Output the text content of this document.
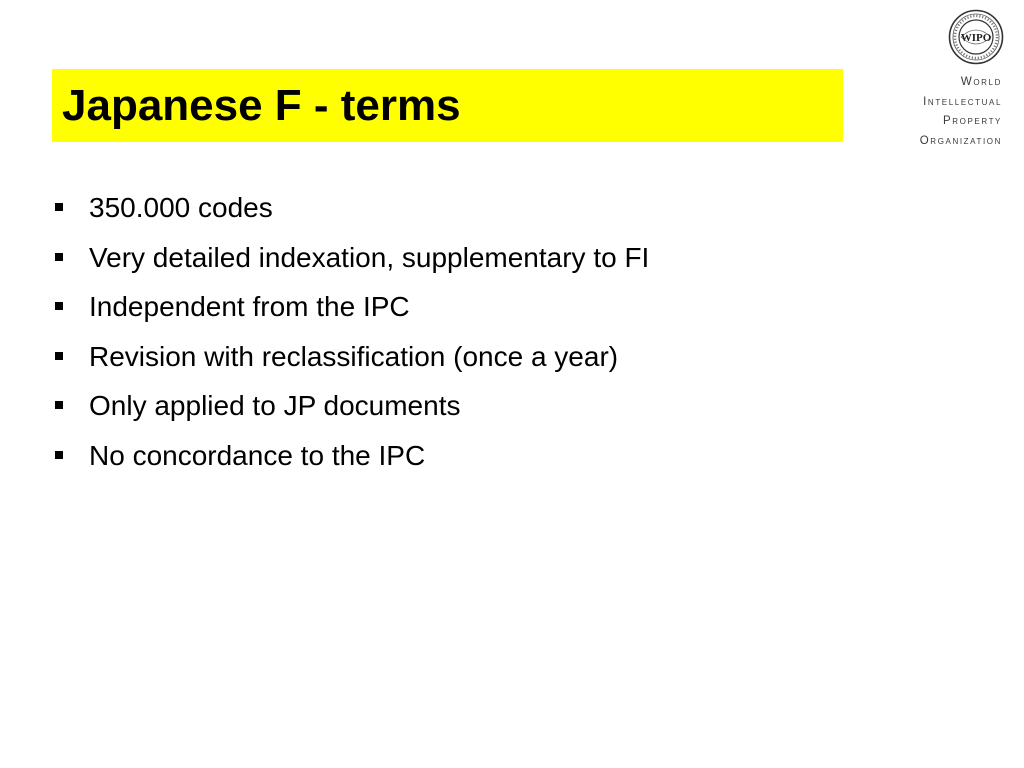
Japanese F - terms
WIPO
World
Intellectual
Property
Organization
350.000 codes
Very detailed indexation, supplementary to FI
Independent from the IPC
Revision with reclassification (once a year)
Only applied to JP documents
No concordance to the IPC
